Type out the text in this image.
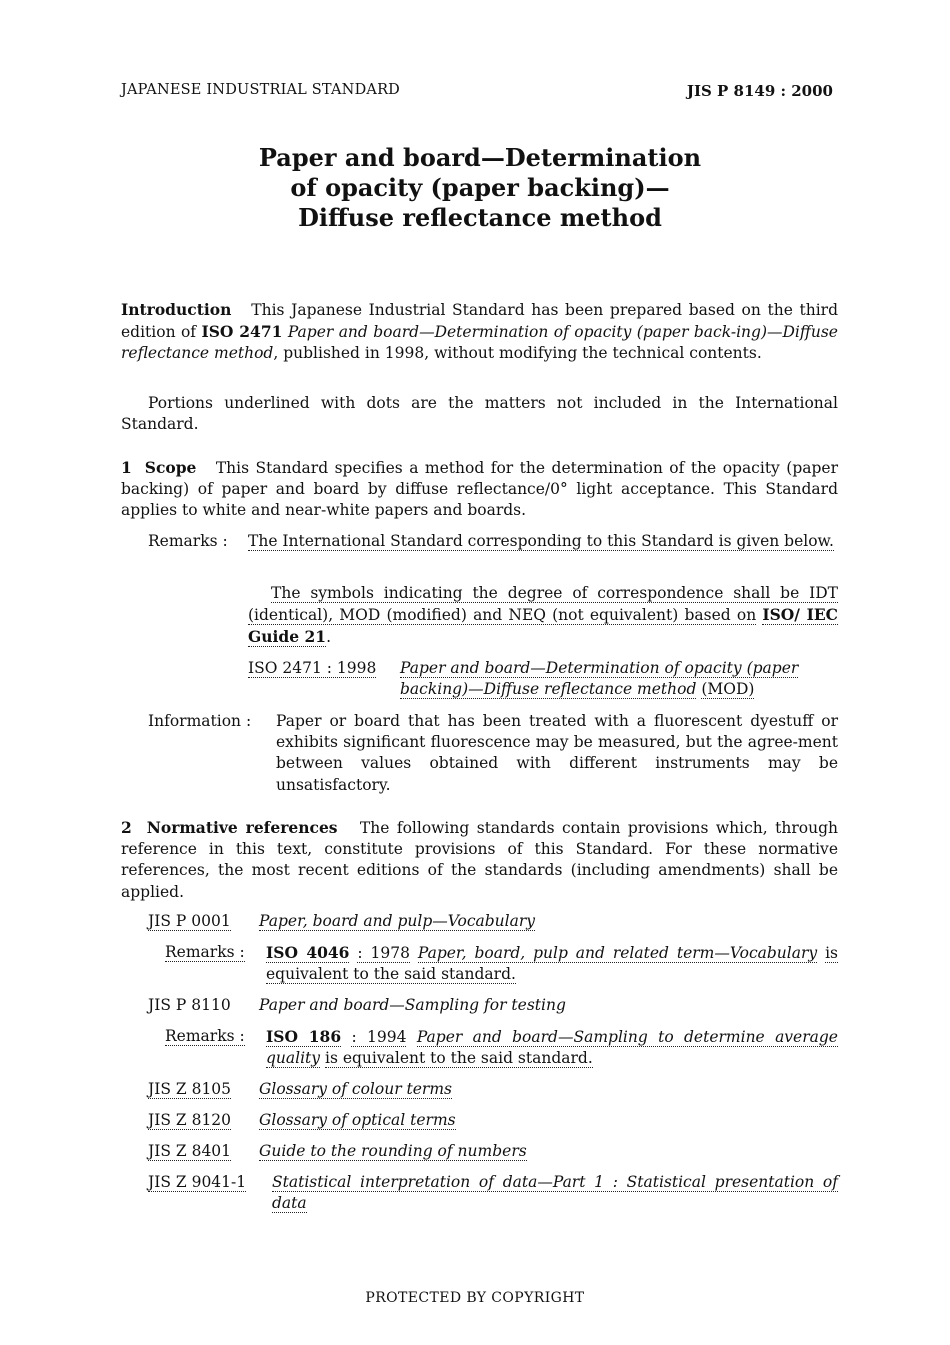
JAPANESE INDUSTRIAL STANDARD	JIS P 8149 : 2000
Paper and board—Determination
of opacity (paper backing)—
Diffuse reflectance method
Introduction This Japanese Industrial Standard has been prepared based on the third edition of ISO 2471 Paper and board—Determination of opacity (paper back-ing)—Diffuse reflectance method, published in 1998, without modifying the technical contents.
Portions underlined with dots are the matters not included in the International Standard.
1 Scope This Standard specifies a method for the determination of the opacity (paper backing) of paper and board by diffuse reflectance/0° light acceptance. This Standard applies to white and near-white papers and boards.
Remarks : The International Standard corresponding to this Standard is given below.
The symbols indicating the degree of correspondence shall be IDT (identical), MOD (modified) and NEQ (not equivalent) based on ISO/ IEC Guide 21.
ISO 2471 : 1998 Paper and board—Determination of opacity (paper
backing)—Diffuse reflectance method (MOD)
Information : Paper or board that has been treated with a fluorescent dyestuff or exhibits significant fluorescence may be measured, but the agree-ment between values obtained with different instruments may be unsatisfactory.
2 Normative references The following standards contain provisions which, through reference in this text, constitute provisions of this Standard. For these normative references, the most recent editions of the standards (including amendments) shall be applied.
JIS P 0001 Paper, board and pulp—Vocabulary
Remarks : ISO 4046 : 1978 Paper, board, pulp and related term—Vocabulary is equivalent to the said standard.
JIS P 8110 Paper and board—Sampling for testing
Remarks : ISO 186 : 1994 Paper and board—Sampling to determine average quality is equivalent to the said standard.
JIS Z 8105 Glossary of colour terms
JIS Z 8120 Glossary of optical terms
JIS Z 8401 Guide to the rounding of numbers
JIS Z 9041-1 Statistical interpretation of data—Part 1 : Statistical presentation of data
PROTECTED BY COPYRIGHT
